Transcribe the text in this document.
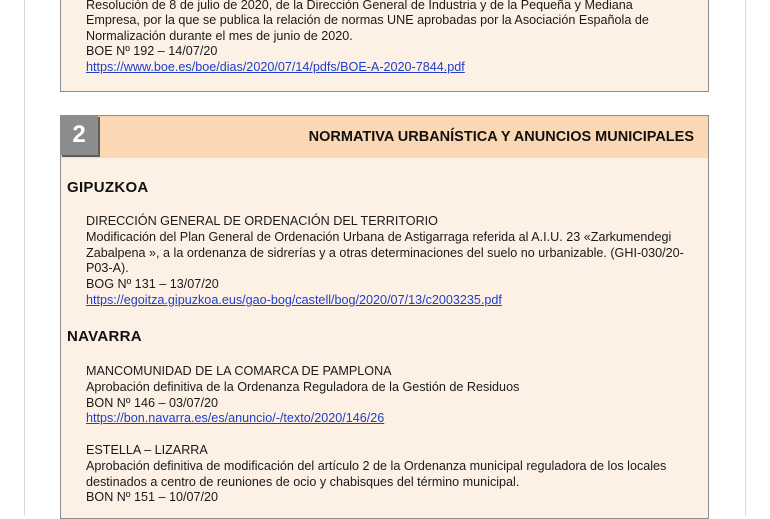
Resolución de 8 de julio de 2020, de la Dirección General de Industria y de la Pequeña y Mediana
Empresa, por la que se publica la relación de normas UNE aprobadas por la Asociación Española de
Normalización durante el mes de junio de 2020.
BOE Nº 192 – 14/07/20
https://www.boe.es/boe/dias/2020/07/14/pdfs/BOE-A-2020-7844.pdf
NORMATIVA URBANÍSTICA Y ANUNCIOS MUNICIPALES
2
GIPUZKOA
DIRECCIÓN GENERAL DE ORDENACIÓN DEL TERRITORIO
Modificación del Plan General de Ordenación Urbana de Astigarraga referida al A.I.U. 23 «Zarkumendegi
Zabalpena », a la ordenanza de sidrerías y a otras determinaciones del suelo no urbanizable. (GHI-030/20-
P03-A).
BOG Nº 131 – 13/07/20
https://egoitza.gipuzkoa.eus/gao-bog/castell/bog/2020/07/13/c2003235.pdf
NAVARRA
MANCOMUNIDAD DE LA COMARCA DE PAMPLONA
Aprobación definitiva de la Ordenanza Reguladora de la Gestión de Residuos
BON Nº 146 – 03/07/20
https://bon.navarra.es/es/anuncio/-/texto/2020/146/26
ESTELLA – LIZARRA
Aprobación definitiva de modificación del artículo 2 de la Ordenanza municipal reguladora de los locales
destinados a centro de reuniones de ocio y chabisques del término municipal.
BON Nº 151 – 10/07/20
